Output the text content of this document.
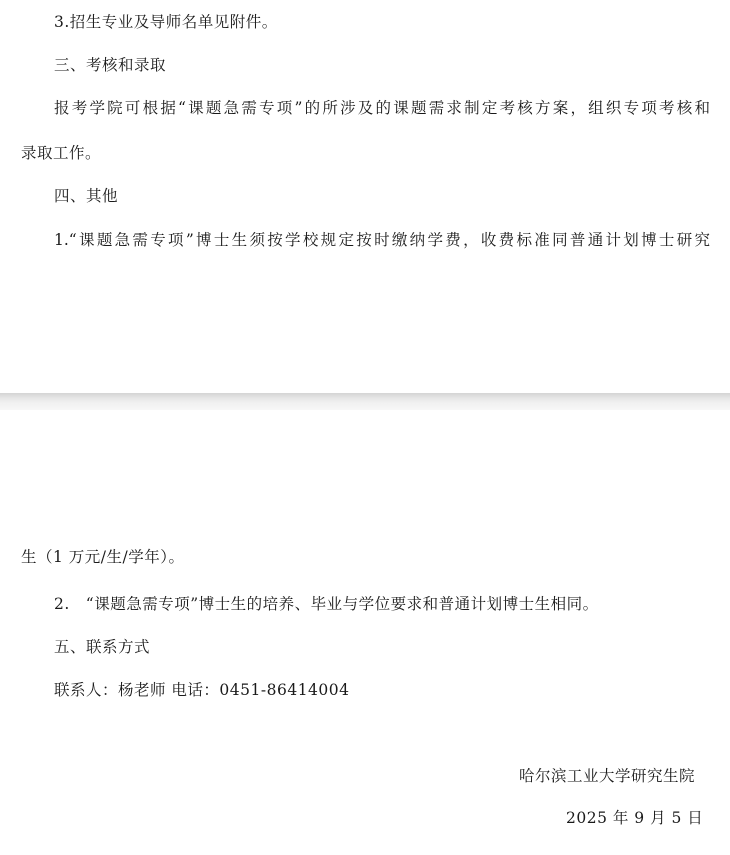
3.招生专业及导师名单见附件。
三、考核和录取
报考学院可根据“课题急需专项”的所涉及的课题需求制定考核方案，组织专项考核和
录取工作。
四、其他
1.“课题急需专项”博士生须按学校规定按时缴纳学费，收费标准同普通计划博士研究
生（1 万元/生/学年）。
2.　“课题急需专项”博士生的培养、毕业与学位要求和普通计划博士生相同。
五、联系方式
联系人：杨老师 电话：0451-86414004
哈尔滨工业大学研究生院
2025 年 9 月 5 日
